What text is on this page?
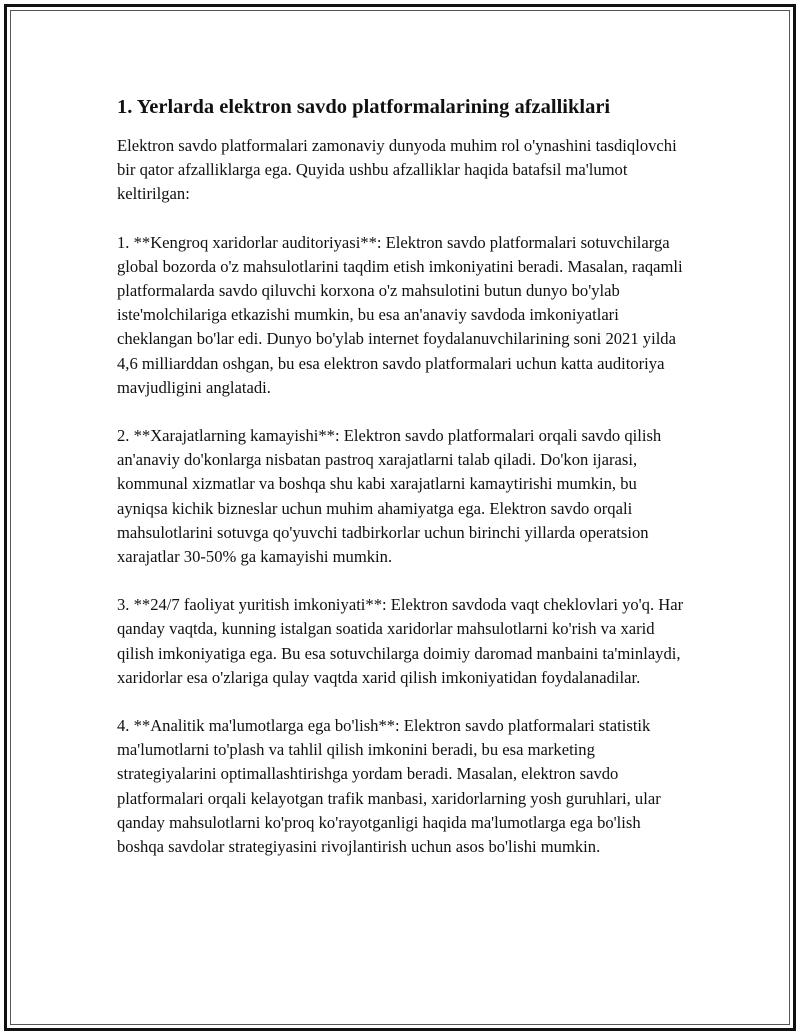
1. Yerlarda elektron savdo platformalarining afzalliklari

Elektron savdo platformalari zamonaviy dunyoda muhim rol o'ynashini tasdiqlovchi bir qator afzalliklarga ega. Quyida ushbu afzalliklar haqida batafsil ma'lumot keltirilgan:

1. **Kengroq xaridorlar auditoriyasi**: Elektron savdo platformalari sotuvchilarga global bozorda o'z mahsulotlarini taqdim etish imkoniyatini beradi. Masalan, raqamli platformalarda savdo qiluvchi korxona o'z mahsulotini butun dunyo bo'ylab iste'molchilariga etkazishi mumkin, bu esa an'anaviy savdoda imkoniyatlari cheklangan bo'lar edi. Dunyo bo'ylab internet foydalanuvchilarining soni 2021 yilda 4,6 milliarddan oshgan, bu esa elektron savdo platformalari uchun katta auditoriya mavjudligini anglatadi.

2. **Xarajatlarning kamayishi**: Elektron savdo platformalari orqali savdo qilish an'anaviy do'konlarga nisbatan pastroq xarajatlarni talab qiladi. Do'kon ijarasi, kommunal xizmatlar va boshqa shu kabi xarajatlarni kamaytirishi mumkin, bu ayniqsa kichik bizneslar uchun muhim ahamiyatga ega. Elektron savdo orqali mahsulotlarini sotuvga qo'yuvchi tadbirkorlar uchun birinchi yillarda operatsion xarajatlar 30-50% ga kamayishi mumkin.

3. **24/7 faoliyat yuritish imkoniyati**: Elektron savdoda vaqt cheklovlari yo'q. Har qanday vaqtda, kunning istalgan soatida xaridorlar mahsulotlarni ko'rish va xarid qilish imkoniyatiga ega. Bu esa sotuvchilarga doimiy daromad manbaini ta'minlaydi, xaridorlar esa o'zlariga qulay vaqtda xarid qilish imkoniyatidan foydalanadilar.

4. **Analitik ma'lumotlarga ega bo'lish**: Elektron savdo platformalari statistik ma'lumotlarni to'plash va tahlil qilish imkonini beradi, bu esa marketing strategiyalarini optimallashtirishga yordam beradi. Masalan, elektron savdo platformalari orqali kelayotgan trafik manbasi, xaridorlarning yosh guruhlari, ular qanday mahsulotlarni ko'proq ko'rayotganligi haqida ma'lumotlarga ega bo'lish boshqa savdolar strategiyasini rivojlantirish uchun asos bo'lishi mumkin.
